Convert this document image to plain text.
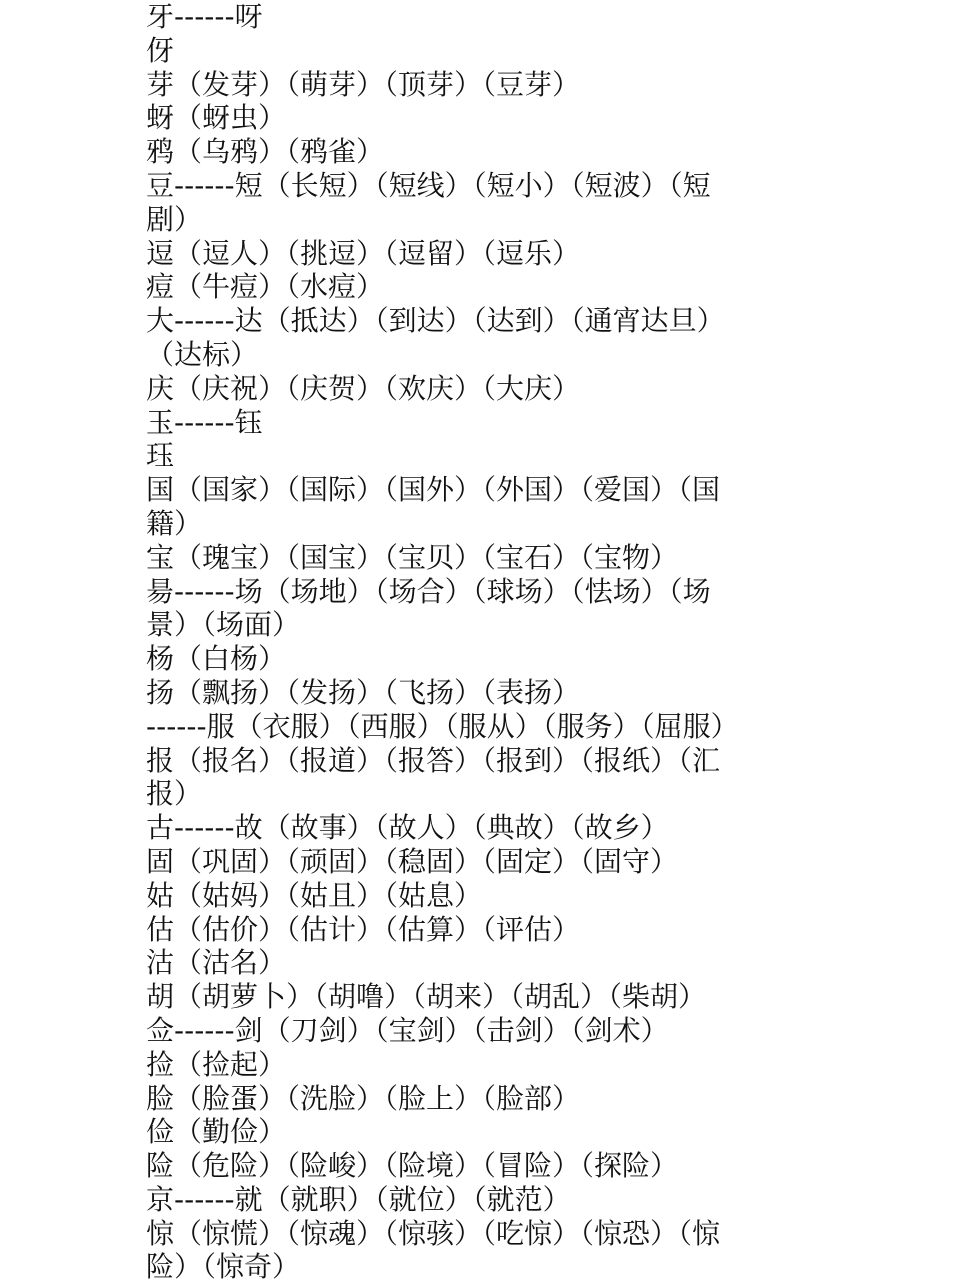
牙------呀
伢
芽（发芽）（萌芽）（顶芽）（豆芽）
蚜（蚜虫）
鸦（乌鸦）（鸦雀）
豆------短（长短）（短线）（短小）（短波）（短
剧）
逗（逗人）（挑逗）（逗留）（逗乐）
痘（牛痘）（水痘）
大------达（抵达）（到达）（达到）（通宵达旦）
（达标）
庆（庆祝）（庆贺）（欢庆）（大庆）
玉------钰
珏
国（国家）（国际）（国外）（外国）（爱国）（国
籍）
宝（瑰宝）（国宝）（宝贝）（宝石）（宝物）
昜------场（场地）（场合）（球场）（怯场）（场
景）（场面）
杨（白杨）
扬（飘扬）（发扬）（飞扬）（表扬）
------服（衣服）（西服）（服从）（服务）（屈服）
报（报名）（报道）（报答）（报到）（报纸）（汇
报）
古------故（故事）（故人）（典故）（故乡）
固（巩固）（顽固）（稳固）（固定）（固守）
姑（姑妈）（姑且）（姑息）
估（估价）（估计）（估算）（评估）
沽（沽名）
胡（胡萝卜）（胡噜）（胡来）（胡乱）（柴胡）
佥------剑（刀剑）（宝剑）（击剑）（剑术）
捡（捡起）
脸（脸蛋）（洗脸）（脸上）（脸部）
俭（勤俭）
险（危险）（险峻）（险境）（冒险）（探险）
京------就（就职）（就位）（就范）
惊（惊慌）（惊魂）（惊骇）（吃惊）（惊恐）（惊
险）（惊奇）
